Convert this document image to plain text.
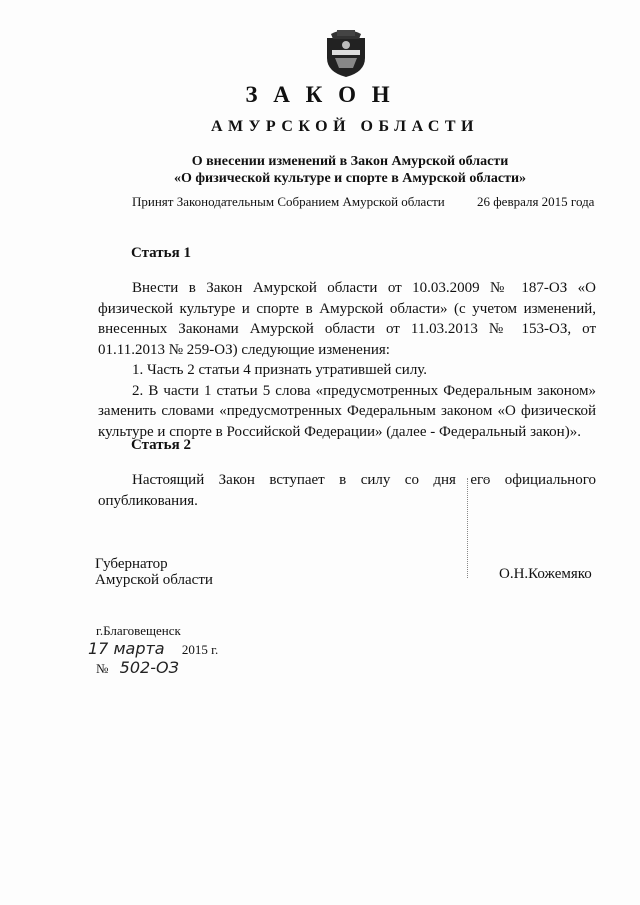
З А К О Н
АМУРСКОЙ ОБЛАСТИ
О внесении изменений в Закон Амурской области
«О физической культуре и спорте в Амурской области»
Принят Законодательным Собранием Амурской области 26 февраля 2015 года
Статья 1

Внести в Закон Амурской области от 10.03.2009 № 187-ОЗ «О физической культуре и спорте в Амурской области» (с учетом изменений, внесенных Законами Амурской области от 11.03.2013 № 153-ОЗ, от 01.11.2013 № 259-ОЗ) следующие изменения:

1. Часть 2 статьи 4 признать утратившей силу.

2. В части 1 статьи 5 слова «предусмотренных Федеральным законом» заменить словами «предусмотренных Федеральным законом «О физической культуре и спорте в Российской Федерации» (далее - Федеральный закон)».

Статья 2

Настоящий Закон вступает в силу со дня его официального опубликования.

Губернатор
Амурской области	О.Н.Кожемяко
г.Благовещенск
17 марта 2015 г.
№ 502-ОЗ
